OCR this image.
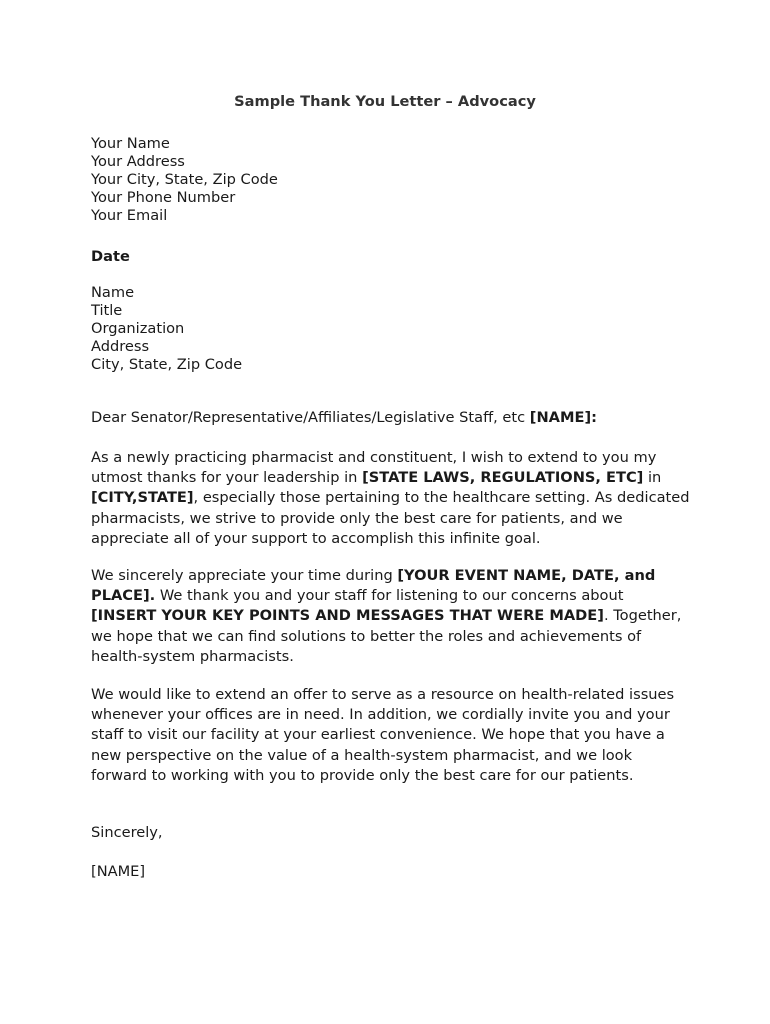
Sample Thank You Letter – Advocacy
Your Name
Your Address
Your City, State, Zip Code
Your Phone Number
Your Email
Date
Name
Title
Organization
Address
City, State, Zip Code
Dear Senator/Representative/Affiliates/Legislative Staff, etc [NAME]:
As a newly practicing pharmacist and constituent, I wish to extend to you my utmost thanks for your leadership in [STATE LAWS, REGULATIONS, ETC] in [CITY,STATE], especially those pertaining to the healthcare setting. As dedicated pharmacists, we strive to provide only the best care for patients, and we appreciate all of your support to accomplish this infinite goal.
We sincerely appreciate your time during [YOUR EVENT NAME, DATE, and PLACE]. We thank you and your staff for listening to our concerns about [INSERT YOUR KEY POINTS AND MESSAGES THAT WERE MADE]. Together, we hope that we can find solutions to better the roles and achievements of health-system pharmacists.
We would like to extend an offer to serve as a resource on health-related issues whenever your offices are in need. In addition, we cordially invite you and your staff to visit our facility at your earliest convenience. We hope that you have a new perspective on the value of a health-system pharmacist, and we look forward to working with you to provide only the best care for our patients.
Sincerely,
[NAME]
